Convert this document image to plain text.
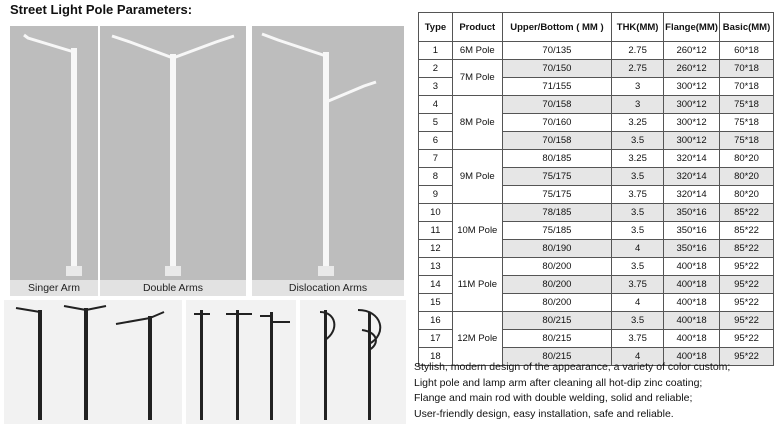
Street Light Pole Parameters:
Singer Arm	Double Arms	Dislocation Arms
Type	Product	Upper/Bottom ( MM )	THK(MM)	Flange(MM)	Basic(MM)
1	6M Pole	70/135	2.75	260*12	60*18
2	7M Pole	70/150	2.75	260*12	70*18
3		71/155	3	300*12	70*18
4	8M Pole	70/158	3	300*12	75*18
5		70/160	3.25	300*12	75*18
6		70/158	3.5	300*12	75*18
7	9M Pole	80/185	3.25	320*14	80*20
8		75/175	3.5	320*14	80*20
9		75/175	3.75	320*14	80*20
10	10M Pole	78/185	3.5	350*16	85*22
11		75/185	3.5	350*16	85*22
12		80/190	4	350*16	85*22
13	11M Pole	80/200	3.5	400*18	95*22
14		80/200	3.75	400*18	95*22
15		80/200	4	400*18	95*22
16	12M Pole	80/215	3.5	400*18	95*22
17		80/215	3.75	400*18	95*22
18		80/215	4	400*18	95*22
Stylish, modern design of the appearance, a variety of color custom;
Light pole and lamp arm after cleaning all hot-dip zinc coating;
Flange and main rod with double welding, solid and reliable;
User-friendly design, easy installation, safe and reliable.
